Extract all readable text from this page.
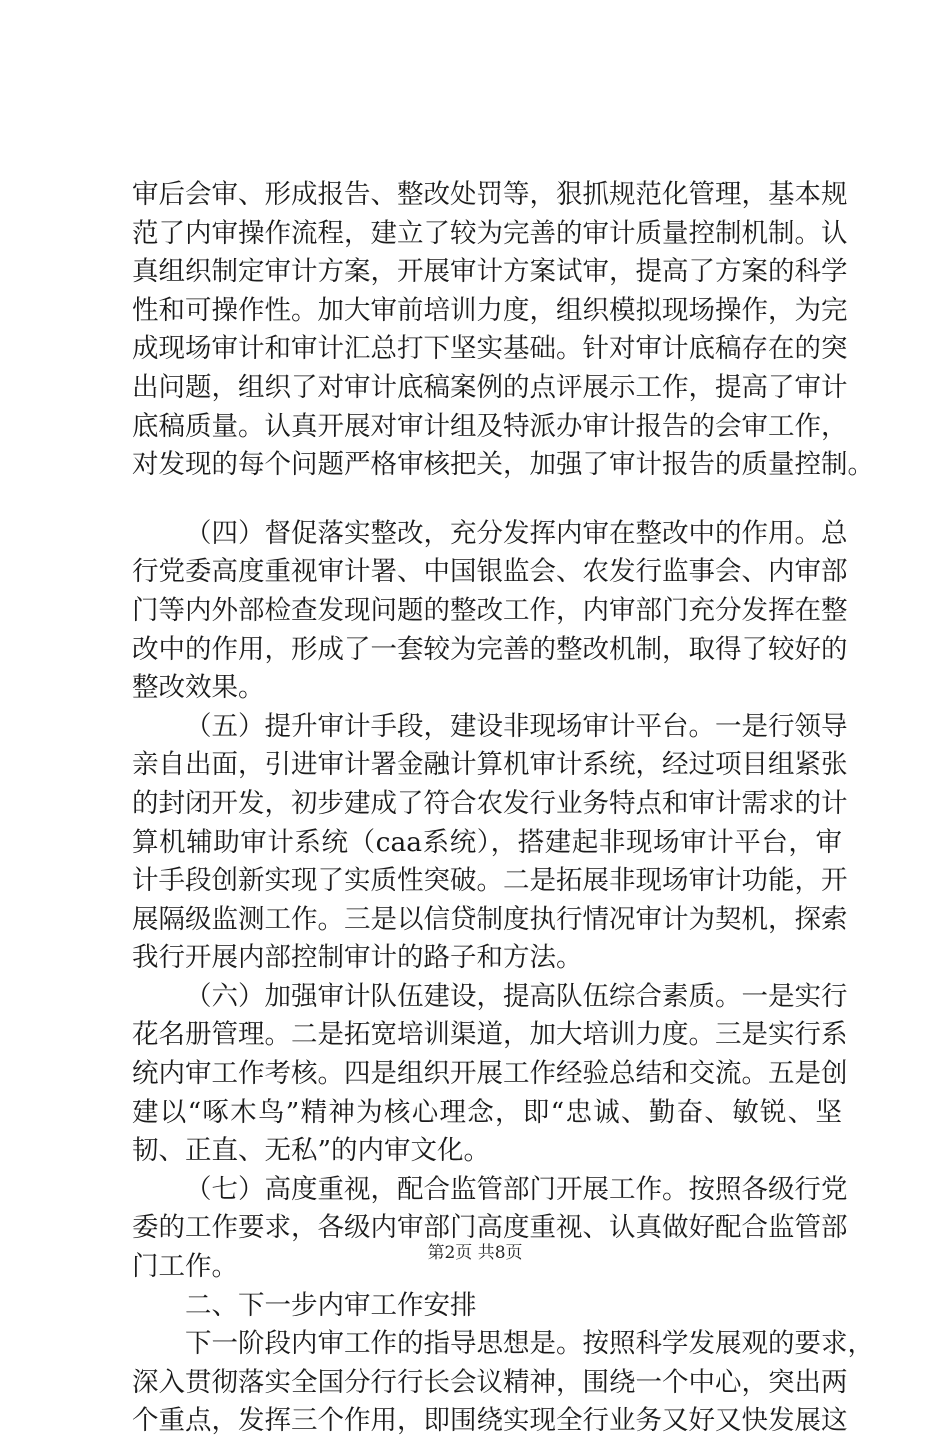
审后会审、形成报告、整改处罚等，狠抓规范化管理，基本规
范了内审操作流程，建立了较为完善的审计质量控制机制。认
真组织制定审计方案，开展审计方案试审，提高了方案的科学
性和可操作性。加大审前培训力度，组织模拟现场操作，为完
成现场审计和审计汇总打下坚实基础。针对审计底稿存在的突
出问题，组织了对审计底稿案例的点评展示工作，提高了审计
底稿质量。认真开展对审计组及特派办审计报告的会审工作，
对发现的每个问题严格审核把关，加强了审计报告的质量控制。
（四）督促落实整改，充分发挥内审在整改中的作用。总
行党委高度重视审计署、中国银监会、农发行监事会、内审部
门等内外部检查发现问题的整改工作，内审部门充分发挥在整
改中的作用，形成了一套较为完善的整改机制，取得了较好的
整改效果。
（五）提升审计手段，建设非现场审计平台。一是行领导
亲自出面，引进审计署金融计算机审计系统，经过项目组紧张
的封闭开发，初步建成了符合农发行业务特点和审计需求的计
算机辅助审计系统（caa系统），搭建起非现场审计平台，审
计手段创新实现了实质性突破。二是拓展非现场审计功能，开
展隔级监测工作。三是以信贷制度执行情况审计为契机，探索
我行开展内部控制审计的路子和方法。
（六）加强审计队伍建设，提高队伍综合素质。一是实行
花名册管理。二是拓宽培训渠道，加大培训力度。三是实行系
统内审工作考核。四是组织开展工作经验总结和交流。五是创
建以“啄木鸟”精神为核心理念，即“忠诚、勤奋、敏锐、坚
韧、正直、无私”的内审文化。
（七）高度重视，配合监管部门开展工作。按照各级行党
委的工作要求，各级内审部门高度重视、认真做好配合监管部
门工作。
二、下一步内审工作安排
下一阶段内审工作的指导思想是。按照科学发展观的要求，
深入贯彻落实全国分行行长会议精神，围绕一个中心，突出两
个重点，发挥三个作用，即围绕实现全行业务又好又快发展这
第2页 共8页
